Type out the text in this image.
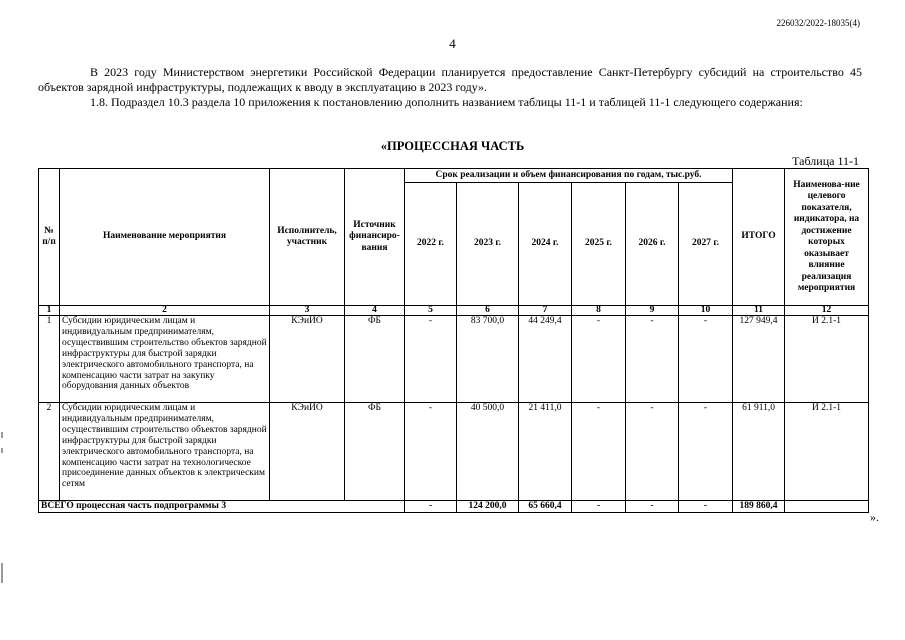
226032/2022-18035(4)
4
В 2023 году Министерством энергетики Российской Федерации планируется предоставление Санкт-Петербургу субсидий на строительство 45 объектов зарядной инфраструктуры, подлежащих к вводу в эксплуатацию в 2023 году».
1.8. Подраздел 10.3 раздела 10 приложения к постановлению дополнить названием таблицы 11-1 и таблицей 11-1 следующего содержания:
«ПРОЦЕССНАЯ ЧАСТЬ
Таблица 11-1
№ п/п	Наименование мероприятия	Исполнитель, участник	Источник финансиро-вания	Срок реализации и объем финансирования по годам, тыс.руб.						ИТОГО	Наименова-ние целевого показателя, индикатора, на достижение которых оказывает влияние реализация мероприятия
				2022 г.	2023 г.	2024 г.	2025 г.	2026 г.	2027 г.		
1	2	3	4	5	6	7	8	9	10	11	12
1	Субсидии юридическим лицам и индивидуальным предпринимателям, осуществившим строительство объектов зарядной инфраструктуры для быстрой зарядки электрического автомобильного транспорта, на компенсацию части затрат на закупку оборудования данных объектов	КЭиИО	ФБ	-	83 700,0	44 249,4	-	-	-	127 949,4	И 2.1-1
2	Субсидии юридическим лицам и индивидуальным предпринимателям, осуществившим строительство объектов зарядной инфраструктуры для быстрой зарядки электрического автомобильного транспорта, на компенсацию части затрат на технологическое присоединение данных объектов к электрическим сетям	КЭиИО	ФБ	-	40 500,0	21 411,0	-	-	-	61 911,0	И 2.1-1
ВСЕГО процессная часть подпрограммы 3				-	124 200,0	65 660,4	-	-	-	189 860,4	
».
